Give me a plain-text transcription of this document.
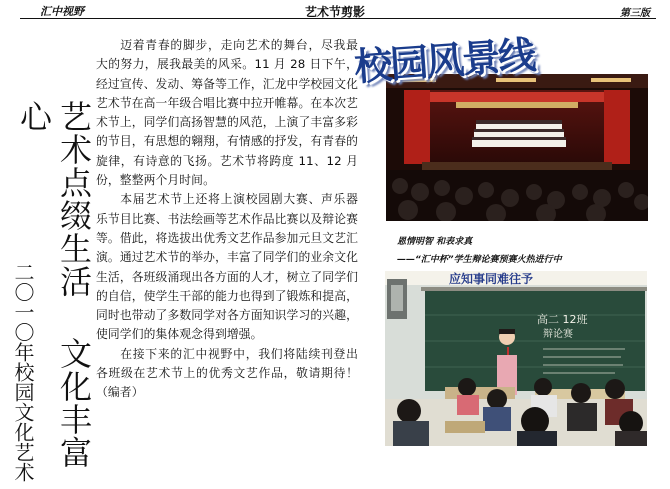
汇中视野	艺术节剪影	第三版
艺术点缀生活 文化丰富心
二〇一〇年校园文化艺术

迈着青春的脚步，走向艺术的舞台，尽我最大的努力，展我最美的风采。11 月 28 日下午，经过宣传、发动、筹备等工作，汇龙中学校园文化艺术节在高一年级合唱比赛中拉开帷幕。在本次艺术节上，同学们高扬智慧的风范，上演了丰富多彩的节目，有思想的翱翔，有情感的抒发，有青春的旋律，有诗意的飞扬。艺术节将跨度 11、12 月份，整整两个月时间。

本届艺术节上还将上演校园剧大赛、声乐器乐节目比赛、书法绘画等艺术作品比赛以及辩论赛等。借此，将选拔出优秀文艺作品参加元旦文艺汇演。通过艺术节的举办，丰富了同学们的业余文化生活，各班级涌现出各方面的人才，树立了同学们的自信，使学生干部的能力也得到了锻炼和提高，同时也带动了多数同学对各方面知识学习的兴趣，使同学们的集体观念得到增强。

在接下来的汇中视野中，我们将陆续刊登出各班级在艺术节上的优秀文艺作品，敬请期待！（编者）

校园风景线
恩情明智 和表求真
——“汇中杯”学生辩论赛预赛火热进行中
应知事同难往予
高二 12班
辩论赛
